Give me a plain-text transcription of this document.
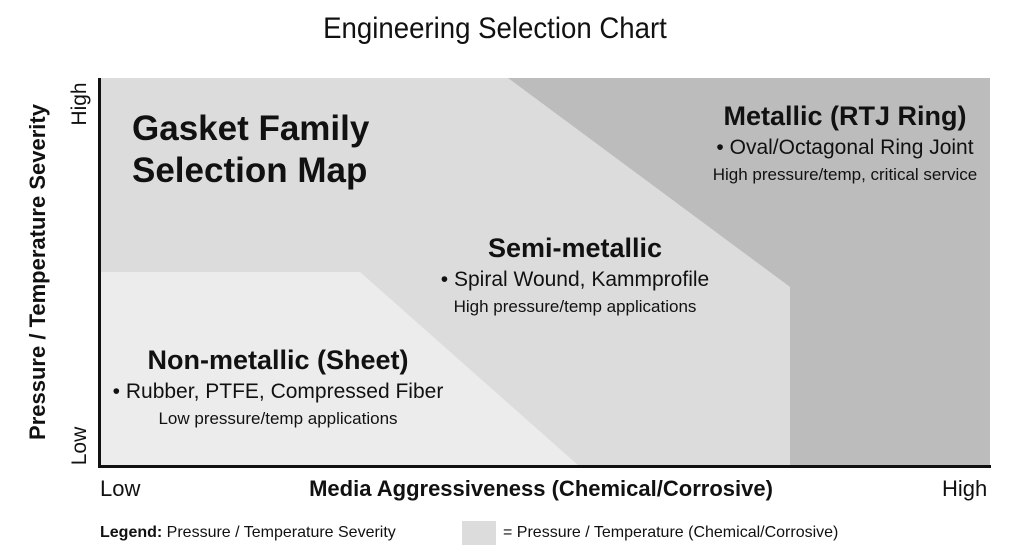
Engineering Selection Chart
Pressure / Temperature Severity
High
Low
Low	Media Aggressiveness (Chemical/Corrosive)	High
Gasket Family
Selection Map
Non-metallic (Sheet)
• Rubber, PTFE, Compressed Fiber
Low pressure/temp applications
Semi-metallic
• Spiral Wound, Kammprofile
High pressure/temp applications
Metallic (RTJ Ring)
• Oval/Octagonal Ring Joint
High pressure/temp, critical service
Legend: Pressure / Temperature Severity	= Pressure / Temperature (Chemical/Corrosive)
